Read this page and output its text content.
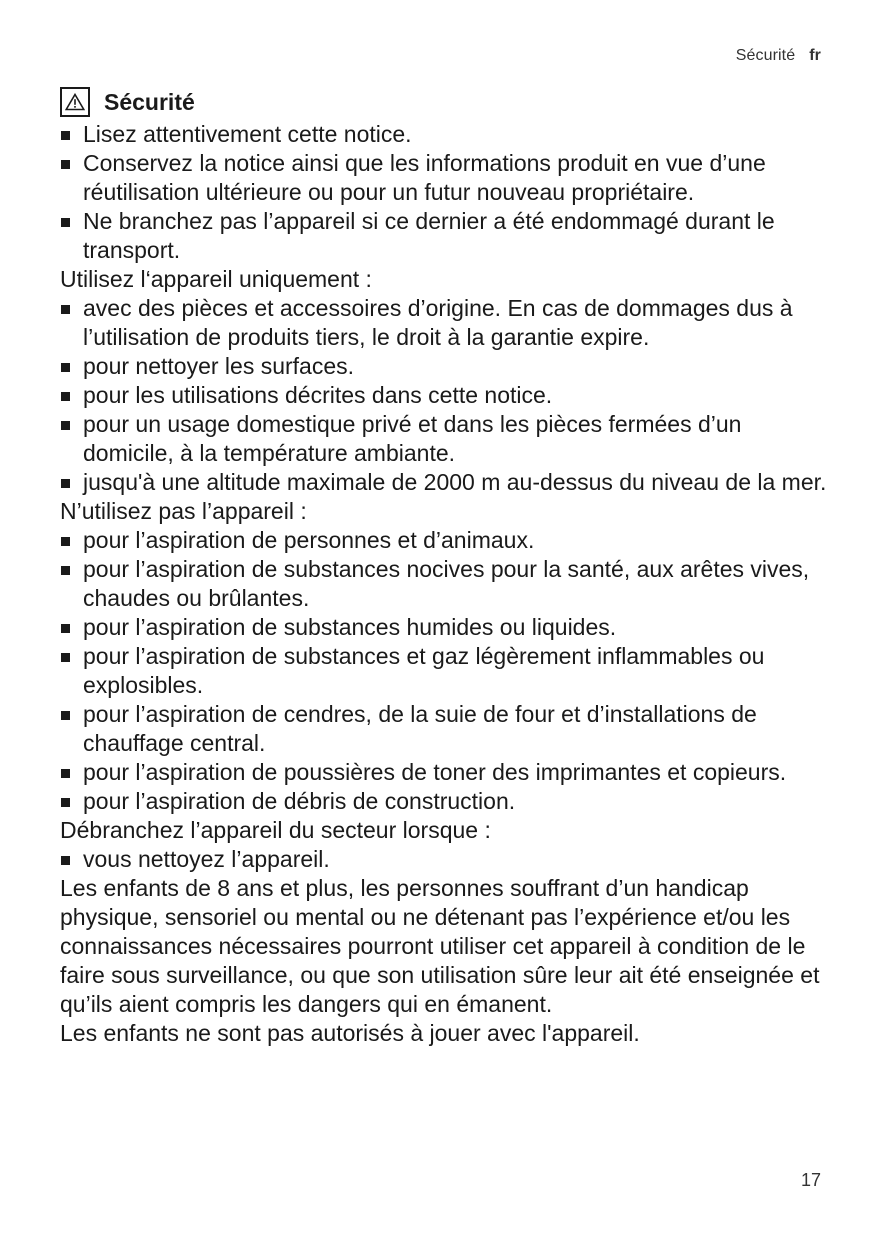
Sécurité fr
Sécurité
Lisez attentivement cette notice.
Conservez la notice ainsi que les informations produit en vue d’une réutilisation ultérieure ou pour un futur nouveau propriétaire.
Ne branchez pas l’appareil si ce dernier a été endommagé durant le transport.

Utilisez l‘appareil uniquement :

avec des pièces et accessoires d’origine. En cas de dommages dus à l’utilisation de produits tiers, le droit à la garantie expire.
pour nettoyer les surfaces.
pour les utilisations décrites dans cette notice.
pour un usage domestique privé et dans les pièces fermées d’un domicile, à la température ambiante.
jusqu'à une altitude maximale de 2000 m au-dessus du niveau de la mer.

N’utilisez pas l’appareil :

pour l’aspiration de personnes et d’animaux.
pour l’aspiration de substances nocives pour la santé, aux arêtes vives, chaudes ou brûlantes.
pour l’aspiration de substances humides ou liquides.
pour l’aspiration de substances et gaz légèrement inflammables ou explosibles.
pour l’aspiration de cendres, de la suie de four et d’installations de chauffage central.
pour l’aspiration de poussières de toner des imprimantes et copieurs.
pour l’aspiration de débris de construction.

Débranchez l’appareil du secteur lorsque :

vous nettoyez l’appareil.

Les enfants de 8 ans et plus, les personnes souffrant d’un handicap physique, sensoriel ou mental ou ne détenant pas l’expérience et/ou les connaissances nécessaires pourront utiliser cet appareil à condition de le faire sous surveillance, ou que son utilisation sûre leur ait été enseignée et qu’ils aient compris les dangers qui en émanent.

Les enfants ne sont pas autorisés à jouer avec l'appareil.

17
